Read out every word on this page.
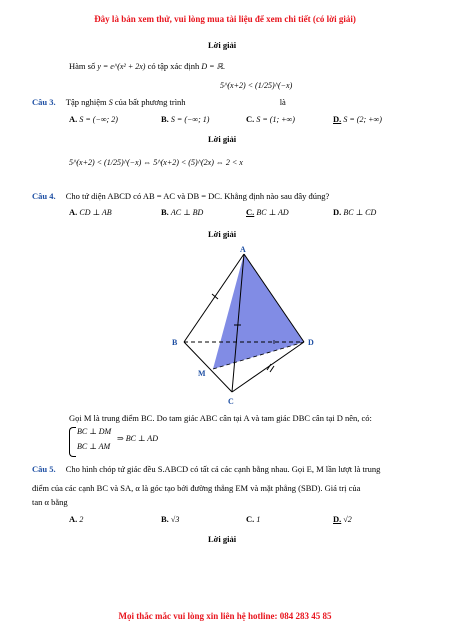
Đây là bản xem thử, vui lòng mua tài liệu để xem chi tiết (có lời giải)
Lời giải
Hàm số y = e^(x² + 2x) có tập xác định D = ℝ.
5^(x+2) < (1/25)^(−x)
Câu 3. Tập nghiệm S của bất phương trình	là
A. S = (−∞; 2)	B. S = (−∞; 1)	C. S = (1; +∞)	D. S = (2; +∞)
Lời giải
5^(x+2) < (1/25)^(−x) ⇔ 5^(x+2) < (5)^(2x) ⇔ 2 < x
Câu 4. Cho tứ diện ABCD có AB = AC và DB = DC. Khẳng định nào sau đây đúng?
A. CD ⊥ AB	B. AC ⊥ BD	C. BC ⊥ AD	D. BC ⊥ CD
Lời giải
A
B	D
C
M
Gọi M là trung điểm BC. Do tam giác ABC cân tại A và tam giác DBC cân tại D nên, có:
BC ⊥ DM
BC ⊥ AM
⇒ BC ⊥ AD
Câu 5. Cho hình chóp tứ giác đều S.ABCD có tất cả các cạnh bằng nhau. Gọi E, M lần lượt là trung
điểm của các cạnh BC và SA, α là góc tạo bởi đường thẳng EM và mặt phẳng (SBD). Giá trị của
tan α bằng
A. 2	B. √3	C. 1	D. √2
Lời giải
Mọi thắc mắc vui lòng xin liên hệ hotline: 084 283 45 85
